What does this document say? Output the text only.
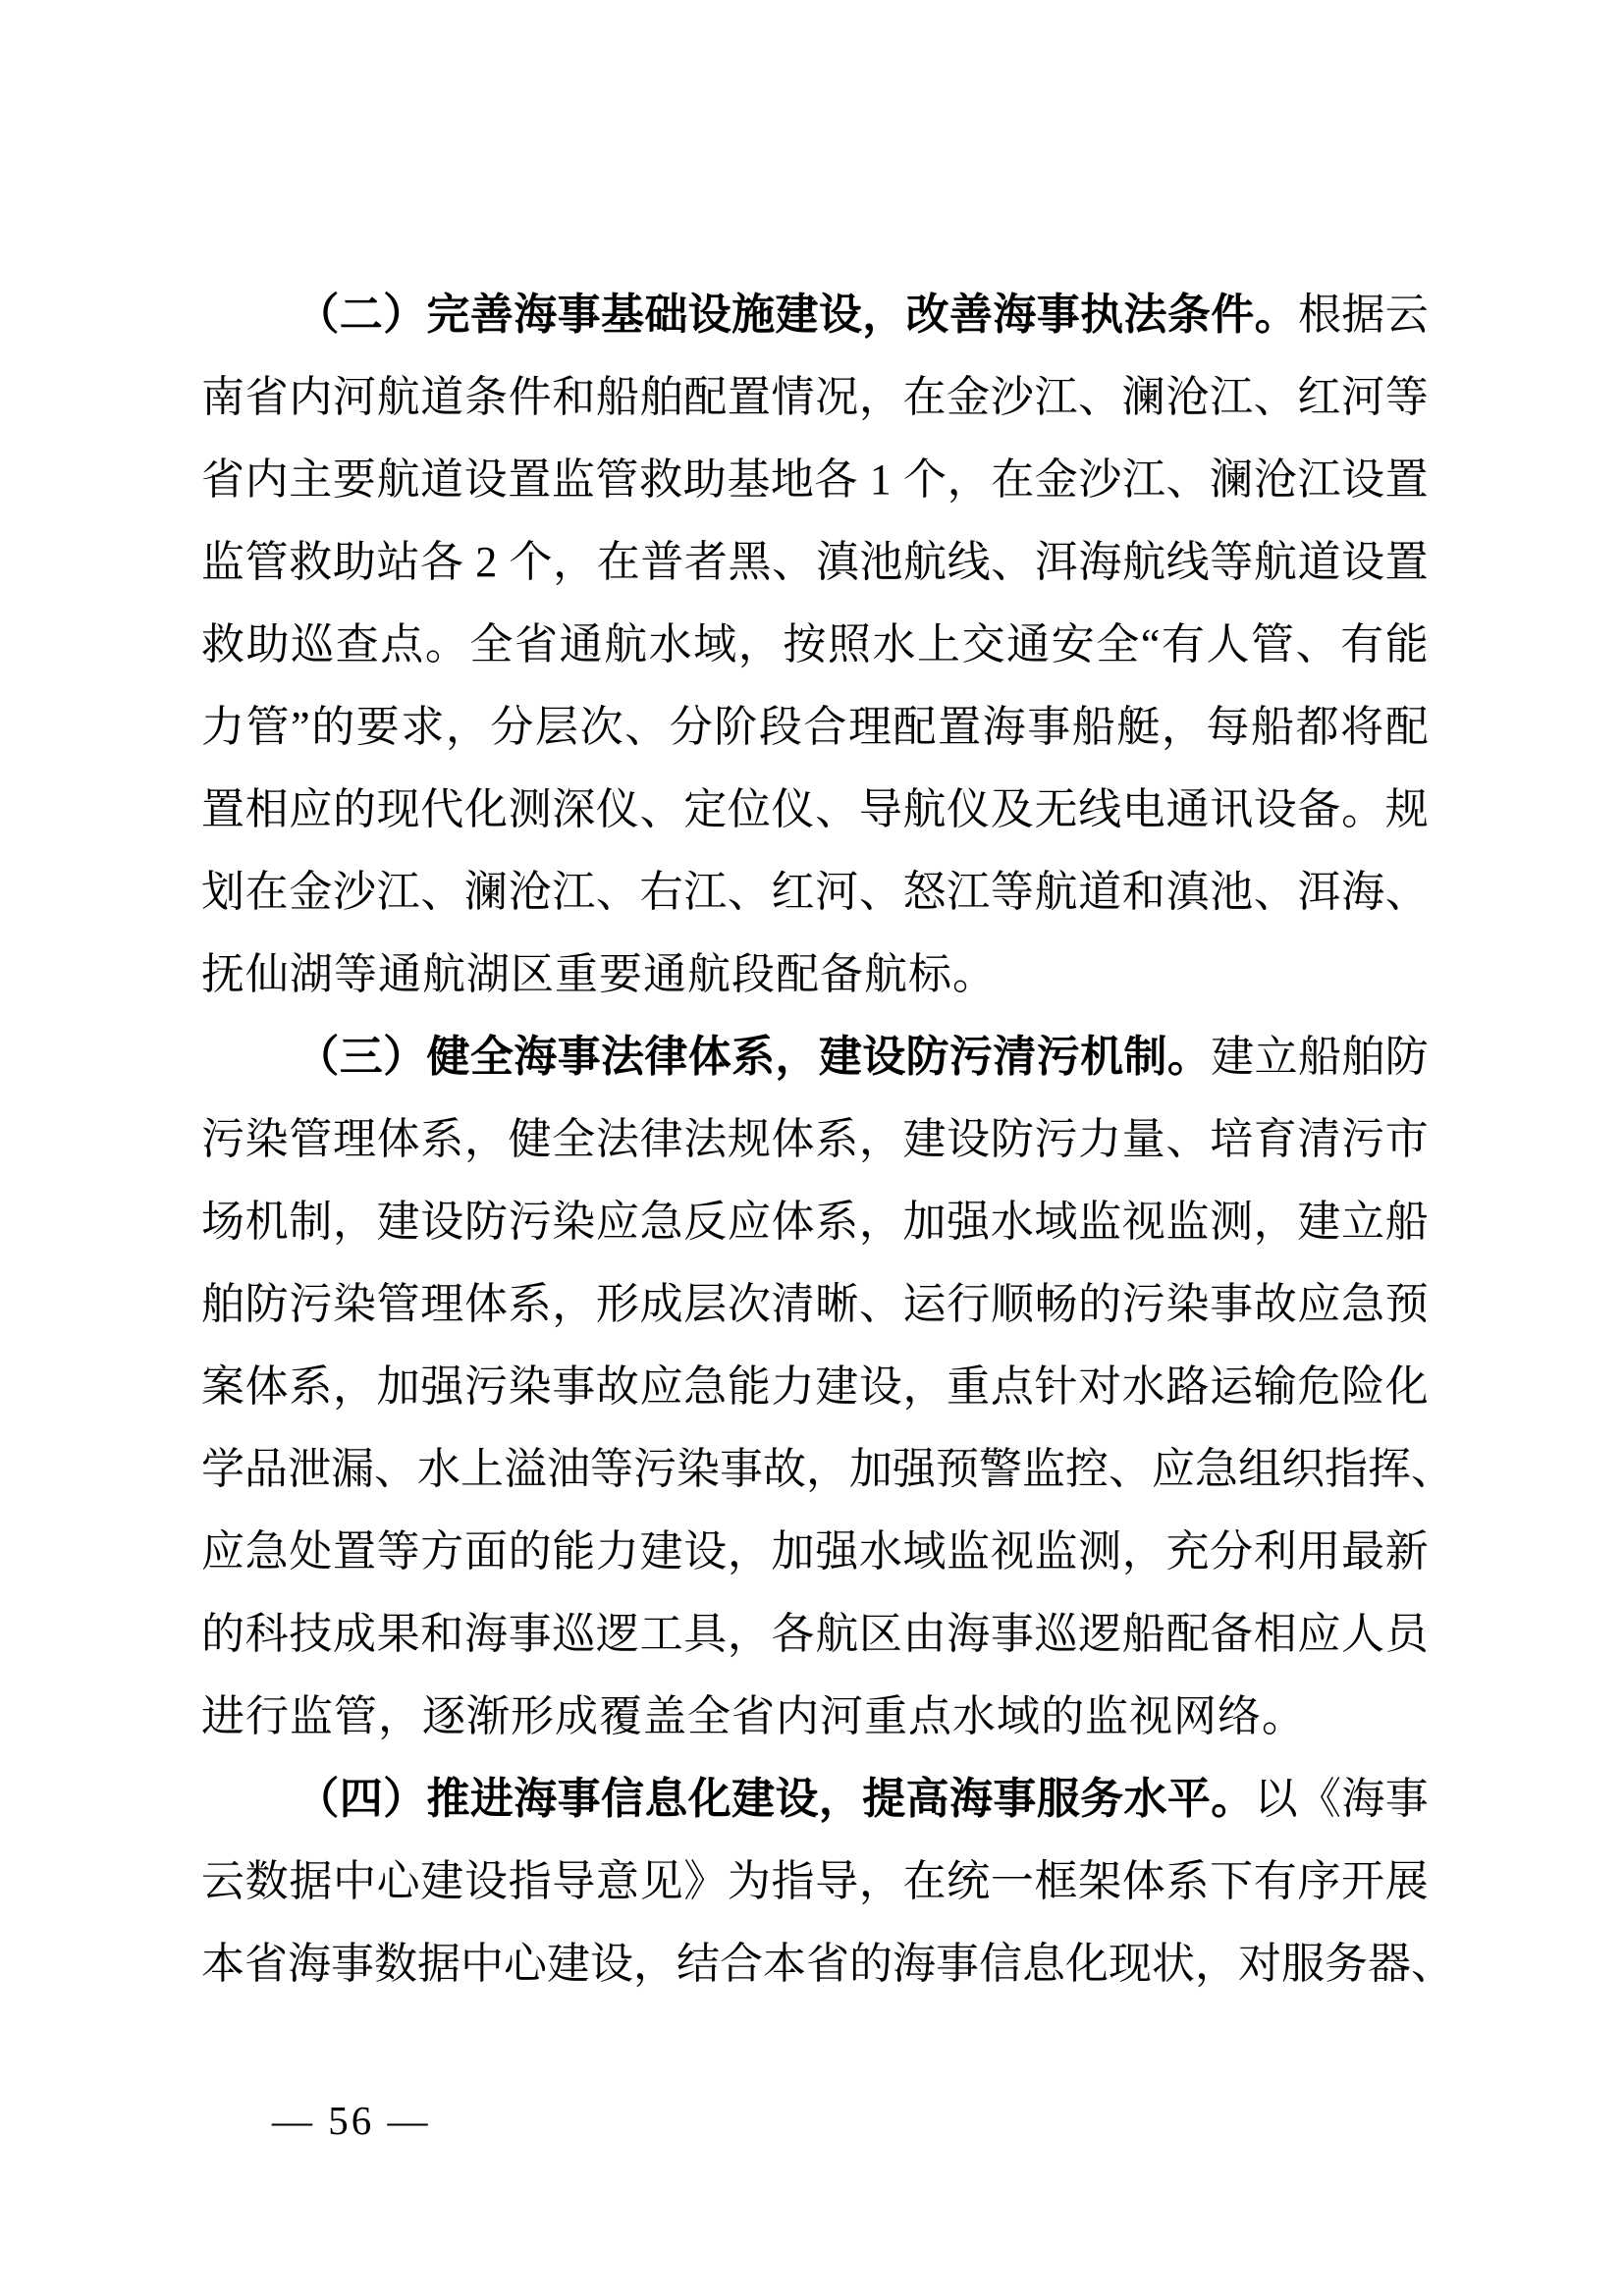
（ 二 ） 完 善 海 事 基 础 设 施 建 设 ， 改 善 海 事 执 法 条 件 。 根 据 云
南 省 内 河 航 道 条 件 和 船 舶 配 置 情 况 ， 在 金 沙 江 、 澜 沧 江 、 红 河 等
省 内 主 要 航 道 设 置 监 管 救 助 基 地 各
1
个 ， 在 金 沙 江 、 澜 沧 江 设 置
监 管 救 助 站 各
2
个 ， 在 普 者 黑 、 滇 池 航 线 、 洱 海 航 线 等 航 道 设 置
救 助 巡 查 点 。 全 省 通 航 水 域 ， 按 照 水 上 交 通 安 全 “ 有 人 管 、 有 能
力 管 ” 的 要 求 ， 分 层 次 、 分 阶 段 合 理 配 置 海 事 船 艇 ， 每 船 都 将 配
置 相 应 的 现 代 化 测 深 仪 、 定 位 仪 、 导 航 仪 及 无 线 电 通 讯 设 备 。 规
划 在 金 沙 江 、 澜 沧 江 、 右 江 、 红 河 、 怒 江 等 航 道 和 滇 池 、 洱 海 、
抚仙湖等通航湖区重要通航段配备航标。
（ 三 ） 健 全 海 事 法 律 体 系 ， 建 设 防 污 清 污 机 制 。 建 立 船 舶 防
污 染 管 理 体 系 ， 健 全 法 律 法 规 体 系 ， 建 设 防 污 力 量 、 培 育 清 污 市
场 机 制 ， 建 设 防 污 染 应 急 反 应 体 系 ， 加 强 水 域 监 视 监 测 ， 建 立 船
舶 防 污 染 管 理 体 系 ， 形 成 层 次 清 晰 、 运 行 顺 畅 的 污 染 事 故 应 急 预
案 体 系 ， 加 强 污 染 事 故 应 急 能 力 建 设 ， 重 点 针 对 水 路 运 输 危 险 化
学 品 泄 漏 、 水 上 溢 油 等 污 染 事 故 ， 加 强 预 警 监 控 、 应 急 组 织 指 挥 、
应 急 处 置 等 方 面 的 能 力 建 设 ， 加 强 水 域 监 视 监 测 ， 充 分 利 用 最 新
的 科 技 成 果 和 海 事 巡 逻 工 具 ， 各 航 区 由 海 事 巡 逻 船 配 备 相 应 人 员
进行监管，逐渐形成覆盖全省内河重点水域的监视网络。
（ 四 ） 推 进 海 事 信 息 化 建 设 ， 提 高 海 事 服 务 水 平 。 以 《 海 事
云 数 据 中 心 建 设 指 导 意 见 》 为 指 导 ， 在 统 一 框 架 体 系 下 有 序 开 展
本 省 海 事 数 据 中 心 建 设 ， 结 合 本 省 的 海 事 信 息 化 现 状 ， 对 服 务 器 、
— 56 —
